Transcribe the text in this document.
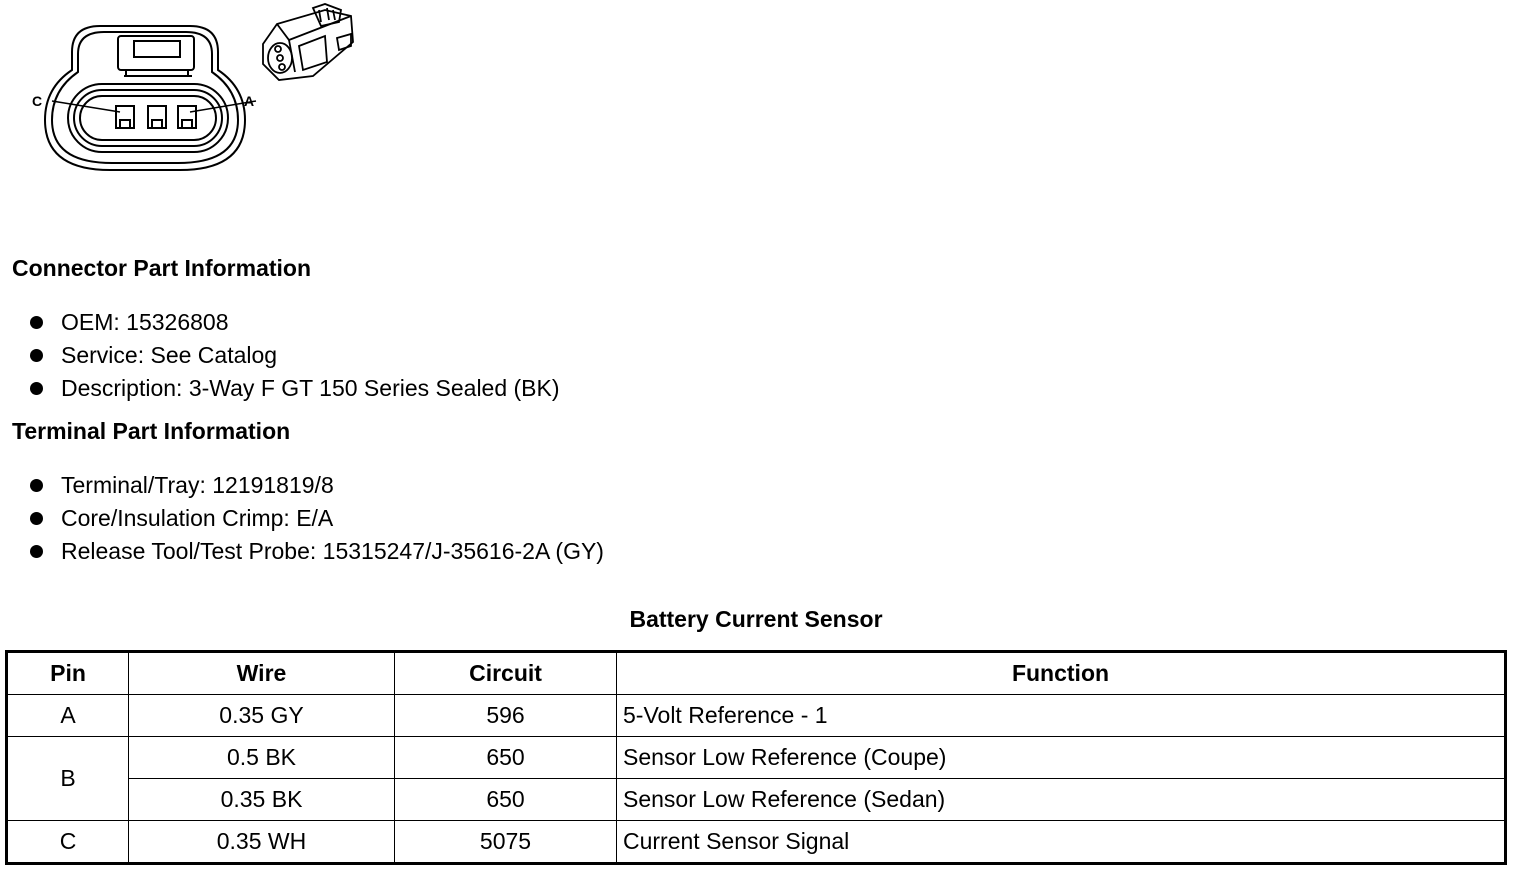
C	A
Connector Part Information
OEM: 15326808
Service: See Catalog
Description: 3-Way F GT 150 Series Sealed (BK)
Terminal Part Information
Terminal/Tray: 12191819/8
Core/Insulation Crimp: E/A
Release Tool/Test Probe: 15315247/J-35616-2A (GY)
Battery Current Sensor
Pin	Wire	Circuit	Function
A	0.35 GY	596	5-Volt Reference - 1
B	0.5 BK	650	Sensor Low Reference (Coupe)
	0.35 BK	650	Sensor Low Reference (Sedan)
C	0.35 WH	5075	Current Sensor Signal
